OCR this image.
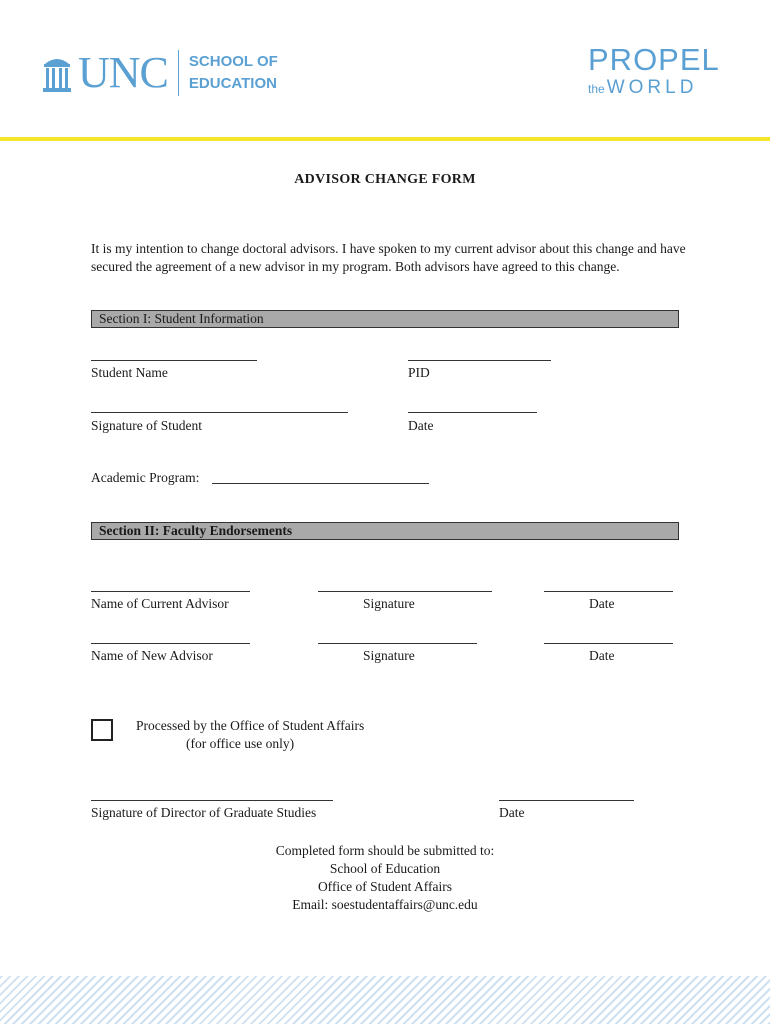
UNC SCHOOL OF
EDUCATION
PROPEL
the WORLD
ADVISOR CHANGE FORM
It is my intention to change doctoral advisors. I have spoken to my current advisor about this change and have secured the agreement of a new advisor in my program. Both advisors have agreed to this change.
Section I: Student Information
Student Name	PID
Signature of Student	Date
Academic Program:
Section II: Faculty Endorsements
Name of Current Advisor	Signature	Date
Name of New Advisor	Signature	Date
Processed by the Office of Student Affairs
(for office use only)
Signature of Director of Graduate Studies	Date
Completed form should be submitted to:
School of Education
Office of Student Affairs
Email: soestudentaffairs@unc.edu
